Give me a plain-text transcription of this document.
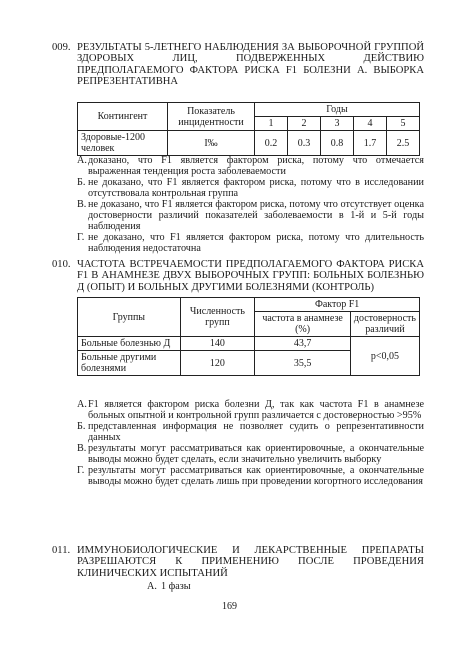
009. РЕЗУЛЬТАТЫ 5-ЛЕТНЕГО НАБЛЮДЕНИЯ ЗА ВЫБОРОЧНОЙ ГРУППОЙ ЗДОРОВЫХ ЛИЦ, ПОДВЕРЖЕННЫХ ДЕЙСТВИЮ ПРЕДПОЛАГАЕМОГО ФАКТОРА РИСКА F1 БОЛЕЗНИ А. ВЫБОРКА РЕПРЕЗЕНТАТИВНА
Контингент	Показатель инцидентности	Годы				
		1	2	3	4	5
Здоровые-1200 человек	I‰	0.2	0.3	0.8	1.7	2.5
А. доказано, что F1 является фактором риска, потому что отмечается выраженная тенденция роста заболеваемости
Б. не доказано, что F1 является фактором риска, потому что в исследовании отсутствовала контрольная группа
В. не доказано, что F1 является фактором риска, потому что отсутствует оценка достоверности различий показателей заболеваемости в 1-й и 5-й годы наблюдения
Г. не доказано, что F1 является фактором риска, потому что длительность наблюдения недостаточна
010. ЧАСТОТА ВСТРЕЧАЕМОСТИ ПРЕДПОЛАГАЕМОГО ФАКТОРА РИСКА F1 В АНАМНЕЗЕ ДВУХ ВЫБОРОЧНЫХ ГРУПП: БОЛЬНЫХ БОЛЕЗНЬЮ Д (ОПЫТ) И БОЛЬНЫХ ДРУГИМИ БОЛЕЗНЯМИ (КОНТРОЛЬ)
Группы	Численность групп	Фактор F1	
		частота в анамнезе (%)	достоверность различий
Больные болезнью Д	140	43,7	p<0,05
Больные другими болезнями	120	35,5	
А. F1 является фактором риска болезни Д, так как частота F1 в анамнезе больных опытной и контрольной групп различается с достоверностью >95%
Б. представленная информация не позволяет судить о репрезентативности данных
В. результаты могут рассматриваться как ориентировочные, а окончательные выводы можно будет сделать, если значительно увеличить выборку
Г. результаты могут рассматриваться как ориентировочные, а окончательные выводы можно будет сделать лишь при проведении когортного исследования
011. ИММУНОБИОЛОГИЧЕСКИЕ И ЛЕКАРСТВЕННЫЕ ПРЕПАРАТЫ РАЗРЕШАЮТСЯ К ПРИМЕНЕНИЮ ПОСЛЕ ПРОВЕДЕНИЯ КЛИНИЧЕСКИХ ИСПЫТАНИЙ
А. 1 фазы
169
